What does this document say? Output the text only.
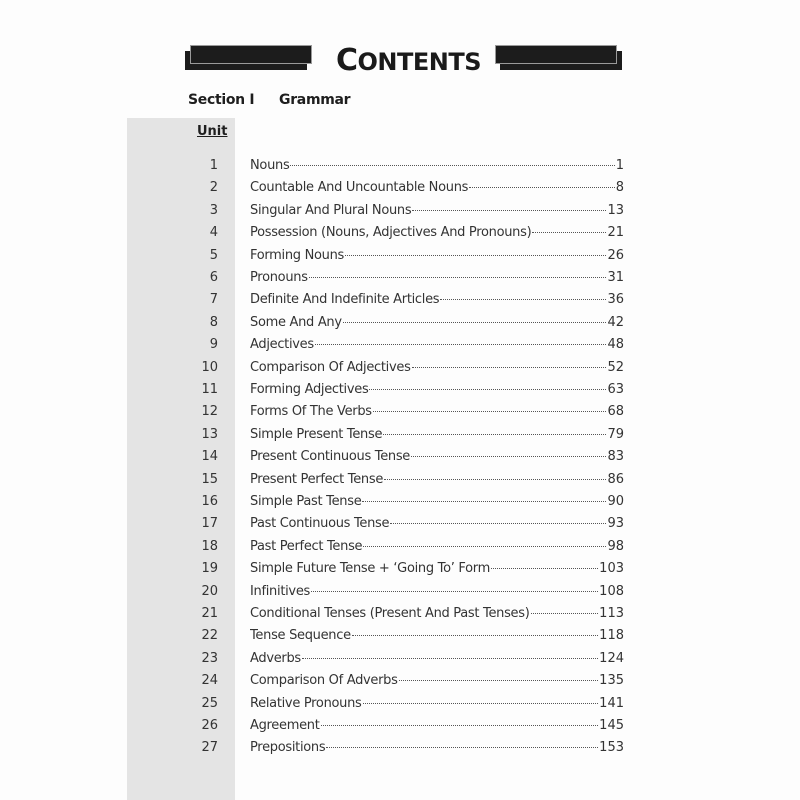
CONTENTS
Section I Grammar
Unit
1 Nouns	1
2 Countable And Uncountable Nouns	8
3 Singular And Plural Nouns	13
4 Possession (Nouns, Adjectives And Pronouns)	21
5 Forming Nouns	26
6 Pronouns	31
7 Definite And Indefinite Articles	36
8 Some And Any	42
9 Adjectives	48
10 Comparison Of Adjectives	52
11 Forming Adjectives	63
12 Forms Of The Verbs	68
13 Simple Present Tense	79
14 Present Continuous Tense	83
15 Present Perfect Tense	86
16 Simple Past Tense	90
17 Past Continuous Tense	93
18 Past Perfect Tense	98
19 Simple Future Tense + ‘Going To’ Form	103
20 Infinitives	108
21 Conditional Tenses (Present And Past Tenses)	113
22 Tense Sequence	118
23 Adverbs	124
24 Comparison Of Adverbs	135
25 Relative Pronouns	141
26 Agreement	145
27 Prepositions	153
